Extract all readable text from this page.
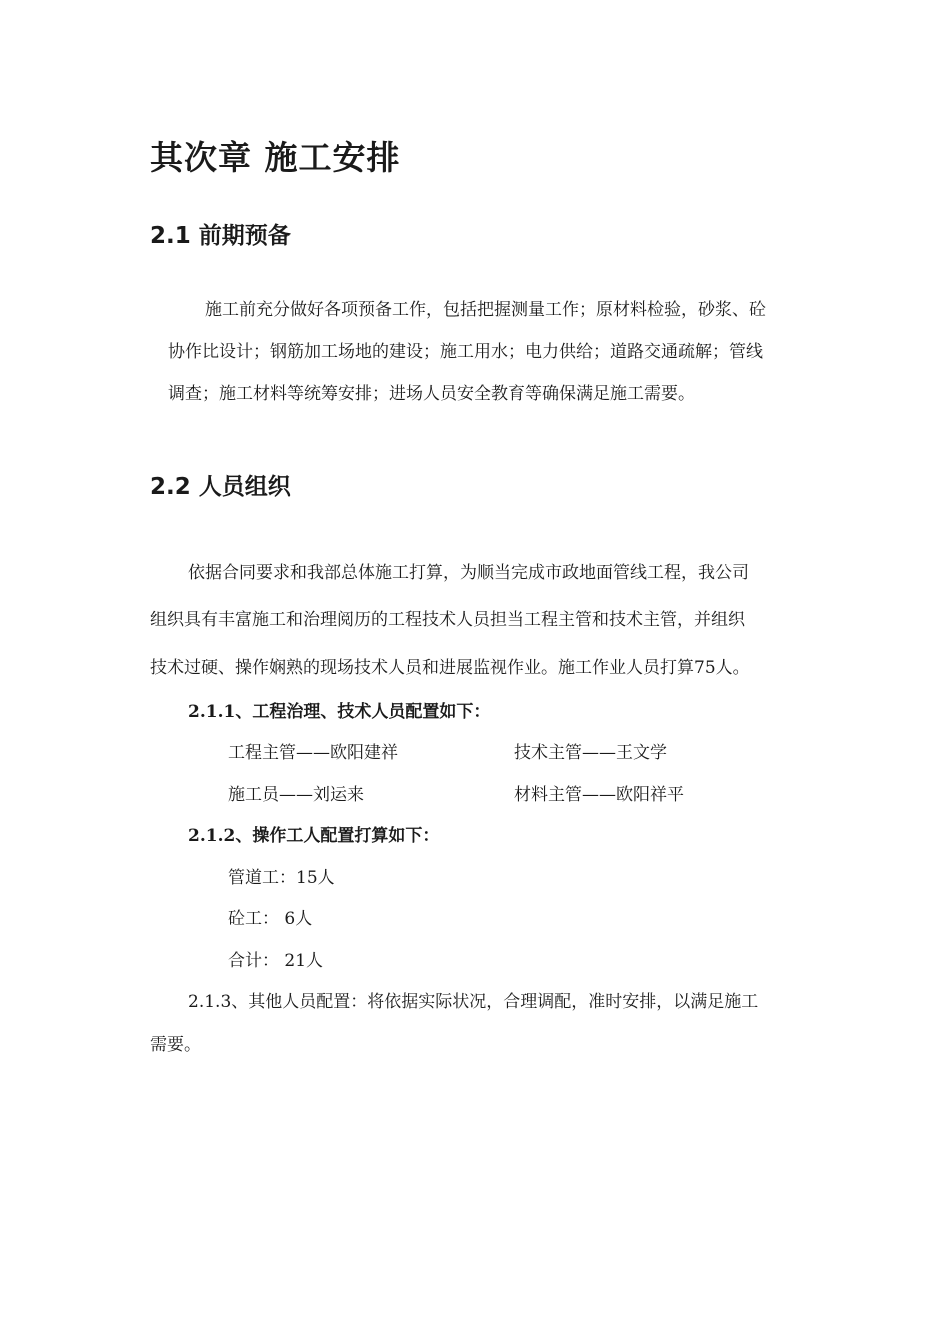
其次章 施工安排
2.1 前期预备
施工前充分做好各项预备工作，包括把握测量工作；原材料检验，砂浆、砼
协作比设计；钢筋加工场地的建设；施工用水；电力供给；道路交通疏解；管线
调查；施工材料等统筹安排；进场人员安全教育等确保满足施工需要。
2.2 人员组织
依据合同要求和我部总体施工打算，为顺当完成市政地面管线工程，我公司
组织具有丰富施工和治理阅历的工程技术人员担当工程主管和技术主管，并组织
技术过硬、操作娴熟的现场技术人员和进展监视作业。施工作业人员打算75人。
2.1.1、工程治理、技术人员配置如下：
工程主管——欧阳建祥	技术主管——王文学
施工员——刘运来	材料主管——欧阳祥平
2.1.2、操作工人配置打算如下：
管道工：15人
砼工： 6人
合计： 21人
2.1.3、其他人员配置：将依据实际状况，合理调配，准时安排，以满足施工
需要。
